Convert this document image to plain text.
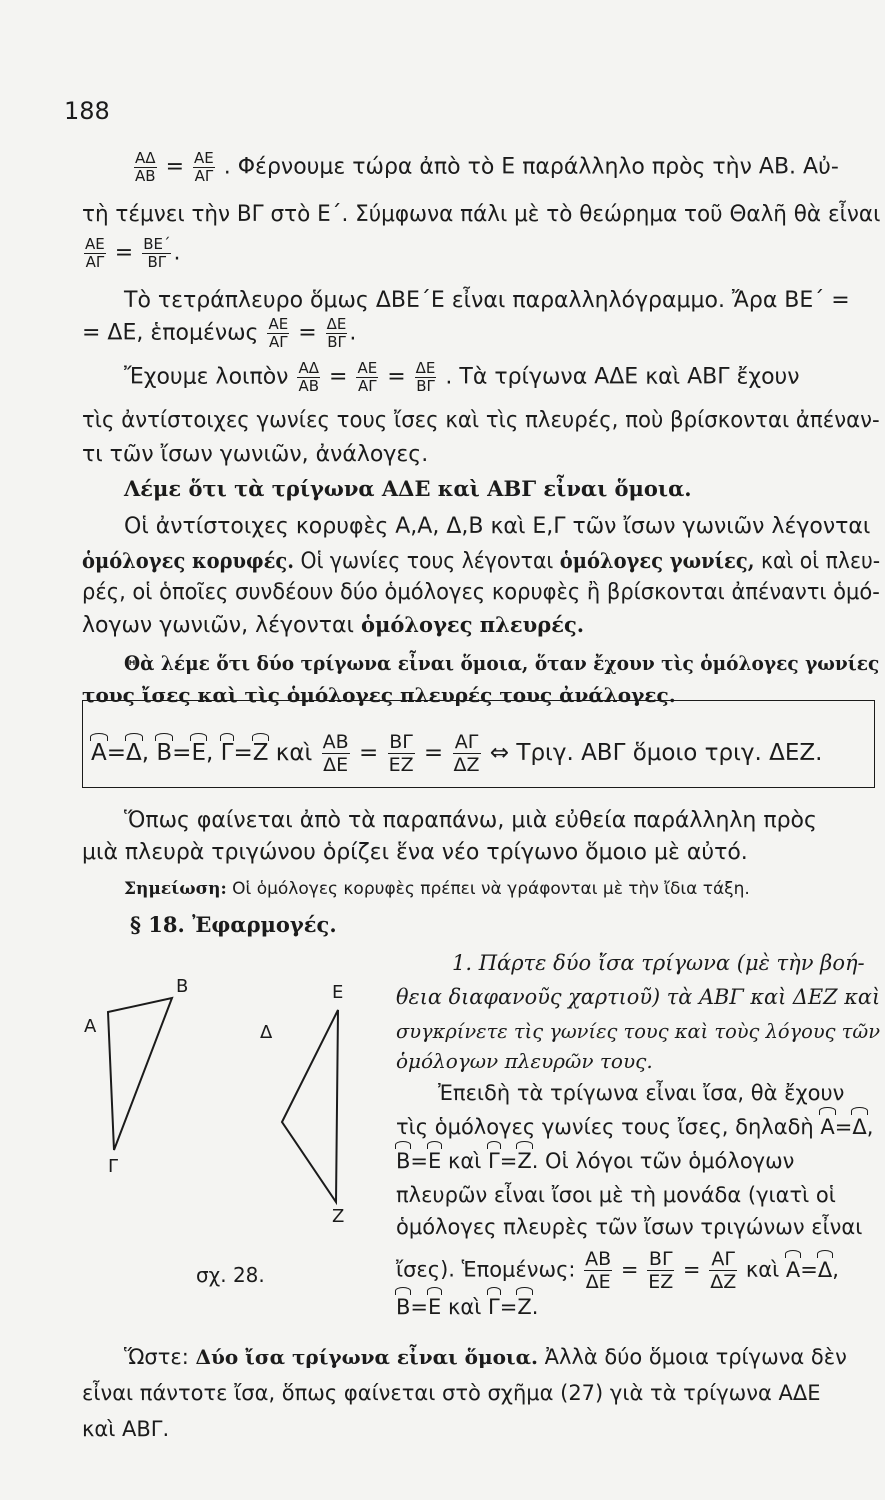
188
$\frac{A\Delta}{AB} = \frac{AE}{A\Gamma}$ . Φέρνουμε τώρα ἀπὸ τὸ Ε παράλληλο πρὸς τὴν ΑΒ. Αὐ-
τὴ τέμνει τὴν ΒΓ στὸ Ε΄. Σύμφωνα πάλι μὲ τὸ θεώρημα τοῦ Θαλῆ θὰ εἶναι
$\frac{AE}{A\Gamma} = \frac{BE΄}{B\Gamma}$ .
Τὸ τετράπλευρο ὅμως ΔΒΕ΄Ε εἶναι παραλληλόγραμμο. Ἄρα ΒΕ΄ =
= ΔΕ, ἑπομένως $\frac{AE}{A\Gamma} = \frac{\Delta E}{B\Gamma}$ .
Ἔχουμε λοιπὸν $\frac{A\Delta}{AB} = \frac{AE}{A\Gamma} = \frac{\Delta E}{B\Gamma}$ . Τὰ τρίγωνα ΑΔΕ καὶ ΑΒΓ ἔχουν
τὶς ἀντίστοιχες γωνίες τους ἴσες καὶ τὶς πλευρές, ποὺ βρίσκονται ἀπέναν-
τι τῶν ἴσων γωνιῶν, ἀνάλογες.
Λέμε ὅτι τὰ τρίγωνα ΑΔΕ καὶ ΑΒΓ εἶναι ὅμοια.
Οἱ ἀντίστοιχες κορυφὲς Α,Α, Δ,Β καὶ Ε,Γ τῶν ἴσων γωνιῶν λέγονται
ὁμόλογες κορυφές. Οἱ γωνίες τους λέγονται ὁμόλογες γωνίες, καὶ οἱ πλευ-
ρές, οἱ ὁποῖες συνδέουν δύο ὁμόλογες κορυφὲς ἢ βρίσκονται ἀπέναντι ὁμό-
λογων γωνιῶν, λέγονται ὁμόλογες πλευρές.
Θὰ λέμε ὅτι δύο τρίγωνα εἶναι ὅμοια, ὅταν ἔχουν τὶς ὁμόλογες γωνίες
τους ἴσες καὶ τὶς ὁμόλογες πλευρές τους ἀνάλογες.
Α=Δ, Β=Ε, Γ=Ζ καὶ $\frac{AB}{\Delta E} = \frac{B\Gamma}{EZ} = \frac{A\Gamma}{\Delta Z}$ ⇔ Τριγ. ΑΒΓ ὅμοιο τριγ. ΔΕΖ.
Ὅπως φαίνεται ἀπὸ τὰ παραπάνω, μιὰ εὐθεία παράλληλη πρὸς
μιὰ πλευρὰ τριγώνου ὁρίζει ἕνα νέο τρίγωνο ὅμοιο μὲ αὐτό.
Σημείωση: Οἱ ὁμόλογες κορυφὲς πρέπει νὰ γράφονται μὲ τὴν ἴδια τάξη.
§ 18. Ἐφαρμογές.
Α
Β
Γ
Δ
Ε
Ζ
σχ. 28.
1. Πάρτε δύο ἴσα τρίγωνα (μὲ τὴν βοή-
θεια διαφανοῦς χαρτιοῦ) τὰ ΑΒΓ καὶ ΔΕΖ καὶ
συγκρίνετε τὶς γωνίες τους καὶ τοὺς λόγους τῶν
ὁμόλογων πλευρῶν τους.
Ἐπειδὴ τὰ τρίγωνα εἶναι ἴσα, θὰ ἔχουν
τὶς ὁμόλογες γωνίες τους ἴσες, δηλαδὴ Α=Δ,
Β=Ε καὶ Γ=Ζ. Οἱ λόγοι τῶν ὁμόλογων
πλευρῶν εἶναι ἴσοι μὲ τὴ μονάδα (γιατὶ οἱ
ὁμόλογες πλευρὲς τῶν ἴσων τριγώνων εἶναι
ἴσες). Ἑπομένως: $\frac{AB}{\Delta E} = \frac{B\Gamma}{EZ} = \frac{A\Gamma}{\Delta Z}$ καὶ Α=Δ,
Β=Ε καὶ Γ=Ζ.
Ὥστε: Δύο ἴσα τρίγωνα εἶναι ὅμοια. Ἀλλὰ δύο ὅμοια τρίγωνα δὲν
εἶναι πάντοτε ἴσα, ὅπως φαίνεται στὸ σχῆμα (27) γιὰ τὰ τρίγωνα ΑΔΕ
καὶ ΑΒΓ.
